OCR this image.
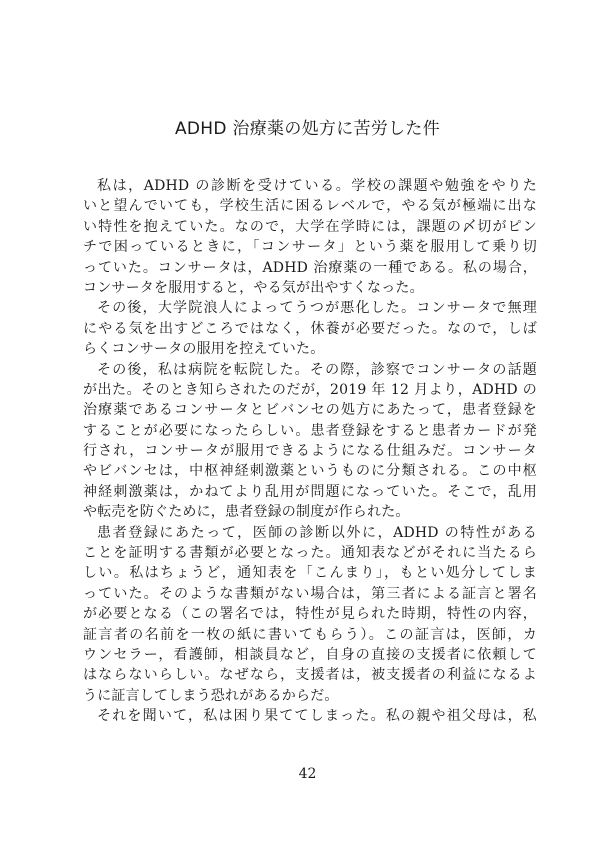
ADHD 治療薬の処方に苦労した件
私は，ADHD の診断を受けている。学校の課題や勉強をやりた
いと望んでいても，学校生活に困るレベルで，やる気が極端に出な
い特性を抱えていた。なので，大学在学時には，課題の〆切がピン
チで困っているときに，「コンサータ」という薬を服用して乗り切
っていた。コンサータは，ADHD 治療薬の一種である。私の場合，
コンサータを服用すると，やる気が出やすくなった。
その後，大学院浪人によってうつが悪化した。コンサータで無理
にやる気を出すどころではなく，休養が必要だった。なので，しば
らくコンサータの服用を控えていた。
その後，私は病院を転院した。その際，診察でコンサータの話題
が出た。そのとき知らされたのだが，2019 年 12 月より，ADHD の
治療薬であるコンサータとビバンセの処方にあたって，患者登録を
することが必要になったらしい。患者登録をすると患者カードが発
行され，コンサータが服用できるようになる仕組みだ。コンサータ
やビバンセは，中枢神経刺激薬というものに分類される。この中枢
神経刺激薬は，かねてより乱用が問題になっていた。そこで，乱用
や転売を防ぐために，患者登録の制度が作られた。
患者登録にあたって，医師の診断以外に，ADHD の特性がある
ことを証明する書類が必要となった。通知表などがそれに当たるら
しい。私はちょうど，通知表を「こんまり」，もとい処分してしま
っていた。そのような書類がない場合は，第三者による証言と署名
が必要となる（この署名では，特性が見られた時期，特性の内容，
証言者の名前を一枚の紙に書いてもらう）。この証言は，医師，カ
ウンセラー，看護師，相談員など，自身の直接の支援者に依頼して
はならないらしい。なぜなら，支援者は，被支援者の利益になるよ
うに証言してしまう恐れがあるからだ。
それを聞いて，私は困り果ててしまった。私の親や祖父母は，私
42
